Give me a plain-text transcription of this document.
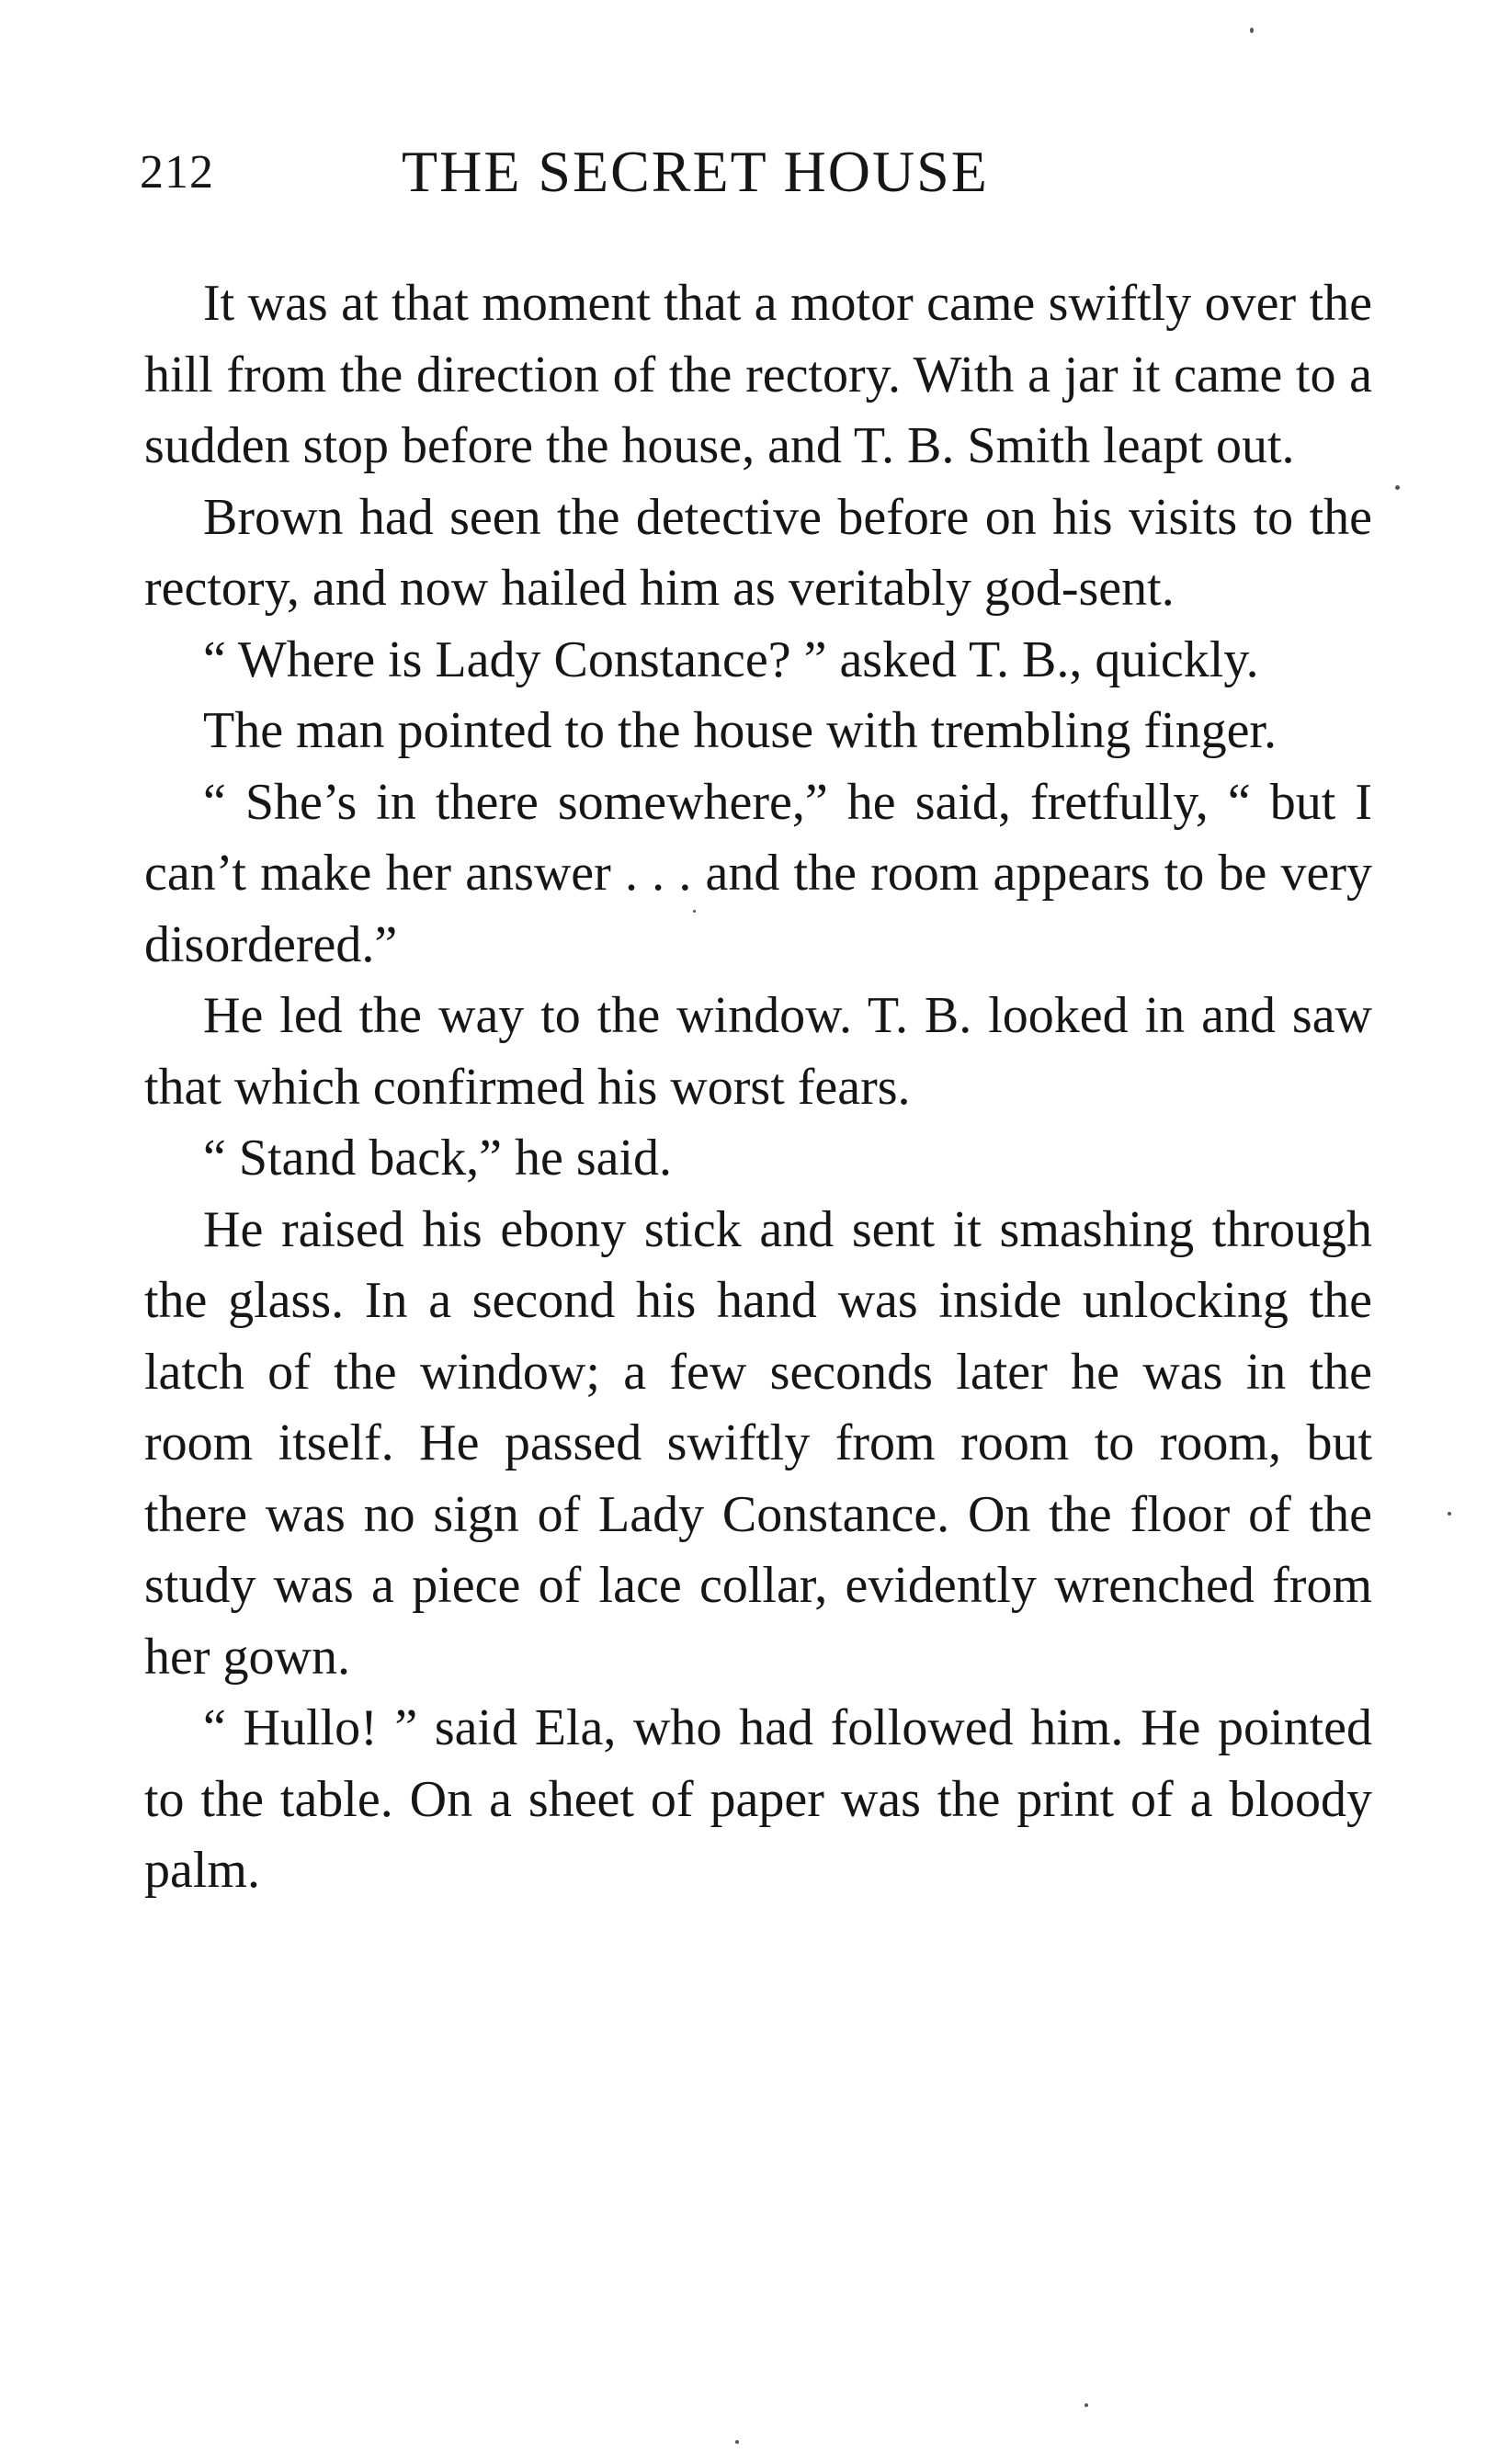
212	THE SECRET HOUSE

It was at that moment that a motor came swiftly over the hill from the direction of the rectory. With a jar it came to a sudden stop before the house, and T. B. Smith leapt out.

Brown had seen the detective before on his visits to the rectory, and now hailed him as veritably god-sent.

“ Where is Lady Constance? ” asked T. B., quickly.

The man pointed to the house with trembling finger.

“ She’s in there somewhere,” he said, fretfully, “ but I can’t make her answer . . . and the room appears to be very disordered.”

He led the way to the window. T. B. looked in and saw that which confirmed his worst fears.

“ Stand back,” he said.

He raised his ebony stick and sent it smashing through the glass. In a second his hand was inside unlocking the latch of the window; a few seconds later he was in the room itself. He passed swiftly from room to room, but there was no sign of Lady Constance. On the floor of the study was a piece of lace collar, evidently wrenched from her gown.

“ Hullo! ” said Ela, who had followed him. He pointed to the table. On a sheet of paper was the print of a bloody palm.
